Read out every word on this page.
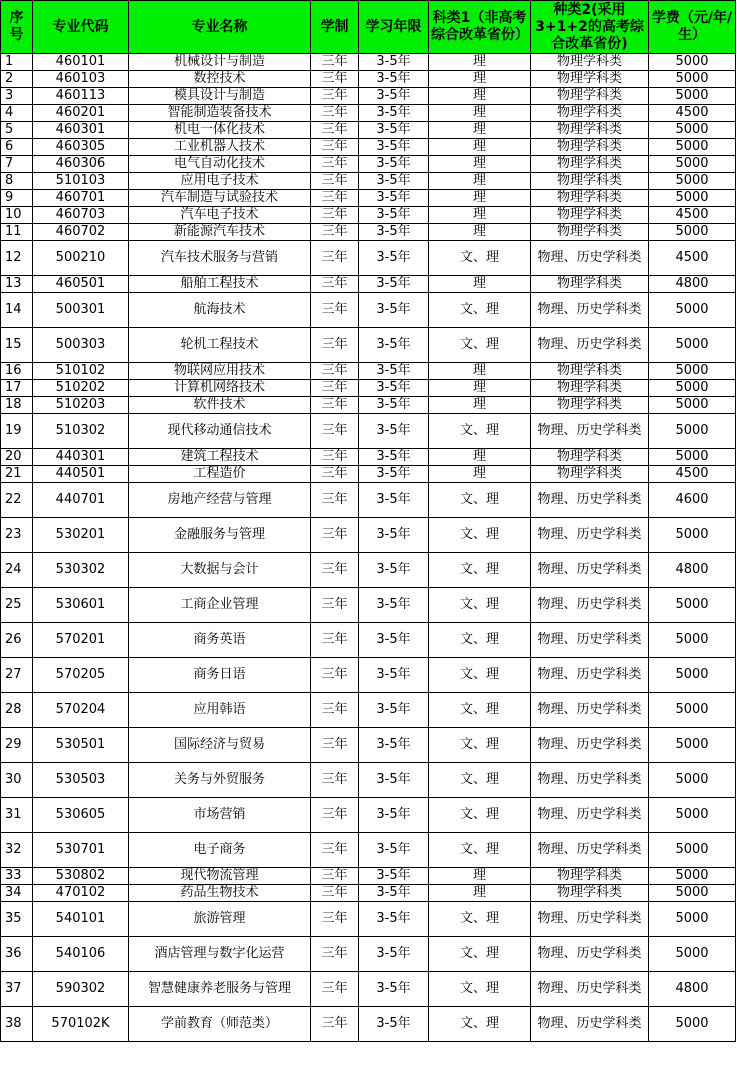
序号	专业代码	专业名称	学制	学习年限	科类1（非高考综合改革省份）	种类2(采用3+1+2的高考综合改革省份)	学费（元/年/生）
1	460101	机械设计与制造	三年	3-5年	理	物理学科类	5000
2	460103	数控技术	三年	3-5年	理	物理学科类	5000
3	460113	模具设计与制造	三年	3-5年	理	物理学科类	5000
4	460201	智能制造装备技术	三年	3-5年	理	物理学科类	4500
5	460301	机电一体化技术	三年	3-5年	理	物理学科类	5000
6	460305	工业机器人技术	三年	3-5年	理	物理学科类	5000
7	460306	电气自动化技术	三年	3-5年	理	物理学科类	5000
8	510103	应用电子技术	三年	3-5年	理	物理学科类	5000
9	460701	汽车制造与试验技术	三年	3-5年	理	物理学科类	5000
10	460703	汽车电子技术	三年	3-5年	理	物理学科类	4500
11	460702	新能源汽车技术	三年	3-5年	理	物理学科类	5000
12	500210	汽车技术服务与营销	三年	3-5年	文、理	物理、历史学科类	4500
13	460501	船舶工程技术	三年	3-5年	理	物理学科类	4800
14	500301	航海技术	三年	3-5年	文、理	物理、历史学科类	5000
15	500303	轮机工程技术	三年	3-5年	文、理	物理、历史学科类	5000
16	510102	物联网应用技术	三年	3-5年	理	物理学科类	5000
17	510202	计算机网络技术	三年	3-5年	理	物理学科类	5000
18	510203	软件技术	三年	3-5年	理	物理学科类	5000
19	510302	现代移动通信技术	三年	3-5年	文、理	物理、历史学科类	5000
20	440301	建筑工程技术	三年	3-5年	理	物理学科类	5000
21	440501	工程造价	三年	3-5年	理	物理学科类	4500
22	440701	房地产经营与管理	三年	3-5年	文、理	物理、历史学科类	4600
23	530201	金融服务与管理	三年	3-5年	文、理	物理、历史学科类	5000
24	530302	大数据与会计	三年	3-5年	文、理	物理、历史学科类	4800
25	530601	工商企业管理	三年	3-5年	文、理	物理、历史学科类	5000
26	570201	商务英语	三年	3-5年	文、理	物理、历史学科类	5000
27	570205	商务日语	三年	3-5年	文、理	物理、历史学科类	5000
28	570204	应用韩语	三年	3-5年	文、理	物理、历史学科类	5000
29	530501	国际经济与贸易	三年	3-5年	文、理	物理、历史学科类	5000
30	530503	关务与外贸服务	三年	3-5年	文、理	物理、历史学科类	5000
31	530605	市场营销	三年	3-5年	文、理	物理、历史学科类	5000
32	530701	电子商务	三年	3-5年	文、理	物理、历史学科类	5000
33	530802	现代物流管理	三年	3-5年	理	物理学科类	5000
34	470102	药品生物技术	三年	3-5年	理	物理学科类	5000
35	540101	旅游管理	三年	3-5年	文、理	物理、历史学科类	5000
36	540106	酒店管理与数字化运营	三年	3-5年	文、理	物理、历史学科类	5000
37	590302	智慧健康养老服务与管理	三年	3-5年	文、理	物理、历史学科类	4800
38	570102K	学前教育（师范类）	三年	3-5年	文、理	物理、历史学科类	5000
